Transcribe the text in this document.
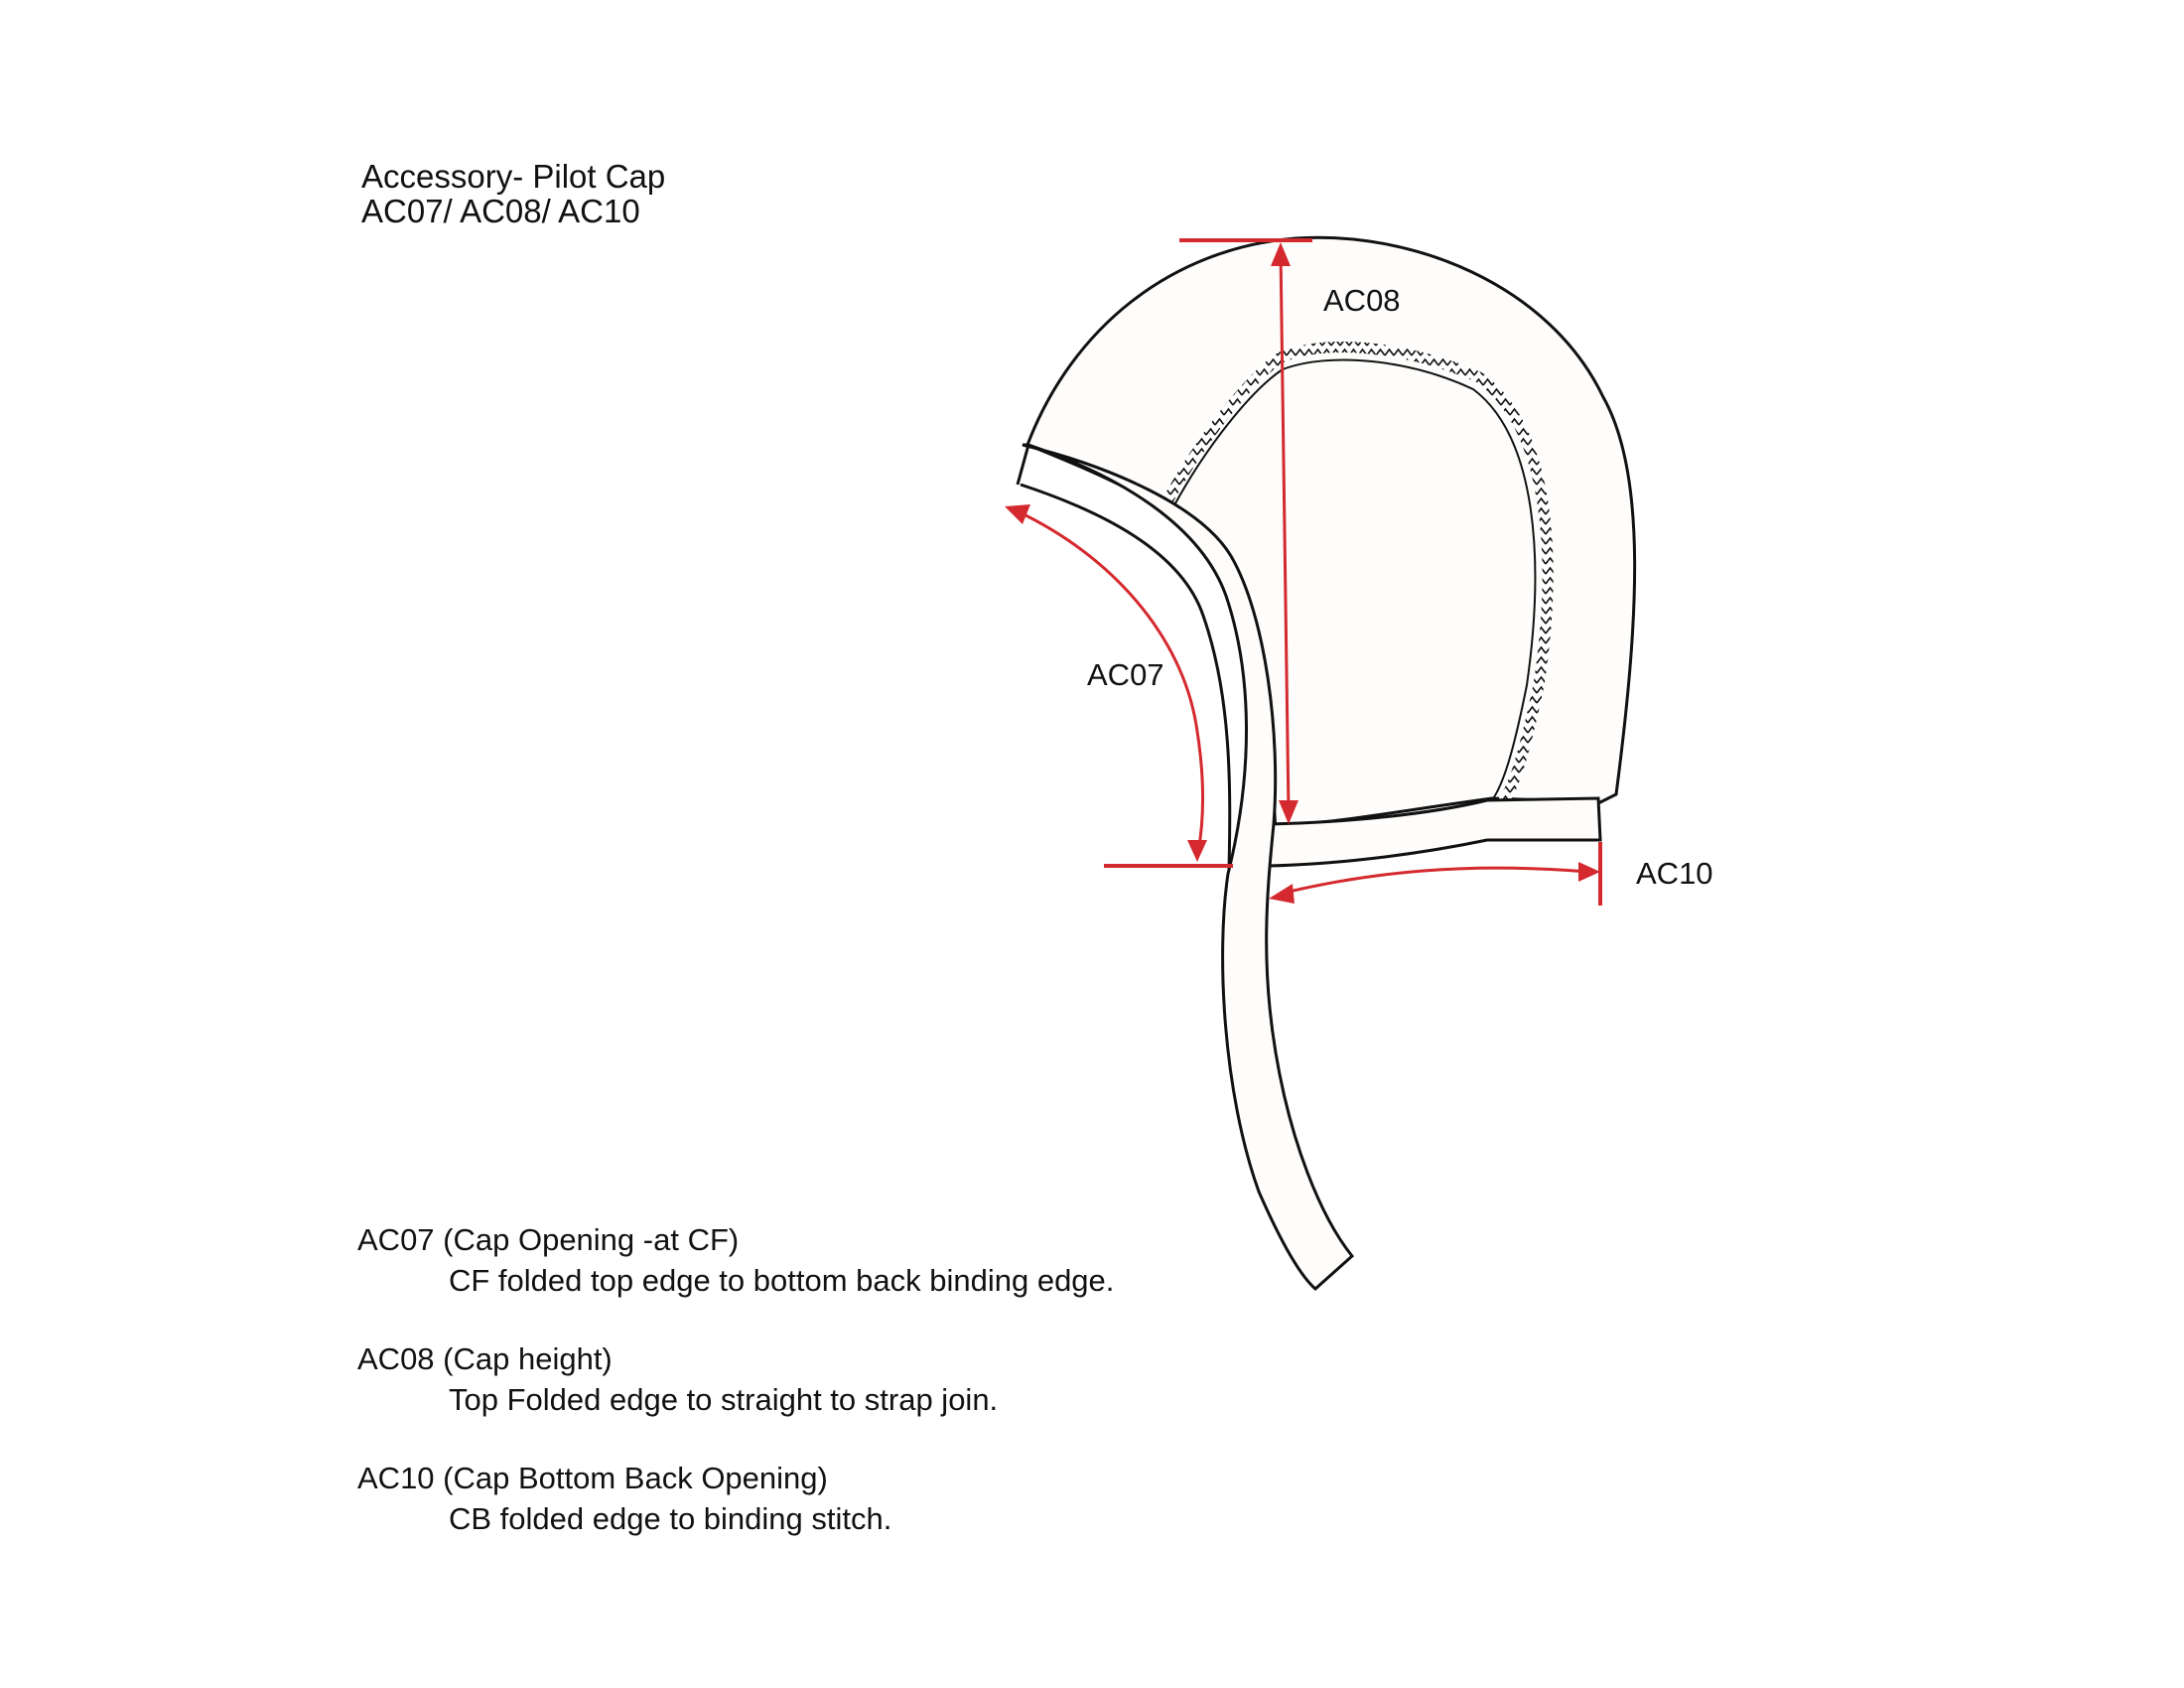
Accessory- Pilot Cap
AC07/ AC08/ AC10
AC08
AC07
AC10
AC07 (Cap Opening -at CF)
CF folded top edge to bottom back binding edge.
AC08 (Cap height)
Top Folded edge to straight to strap join.
AC10 (Cap Bottom Back Opening)
CB folded edge to binding stitch.
